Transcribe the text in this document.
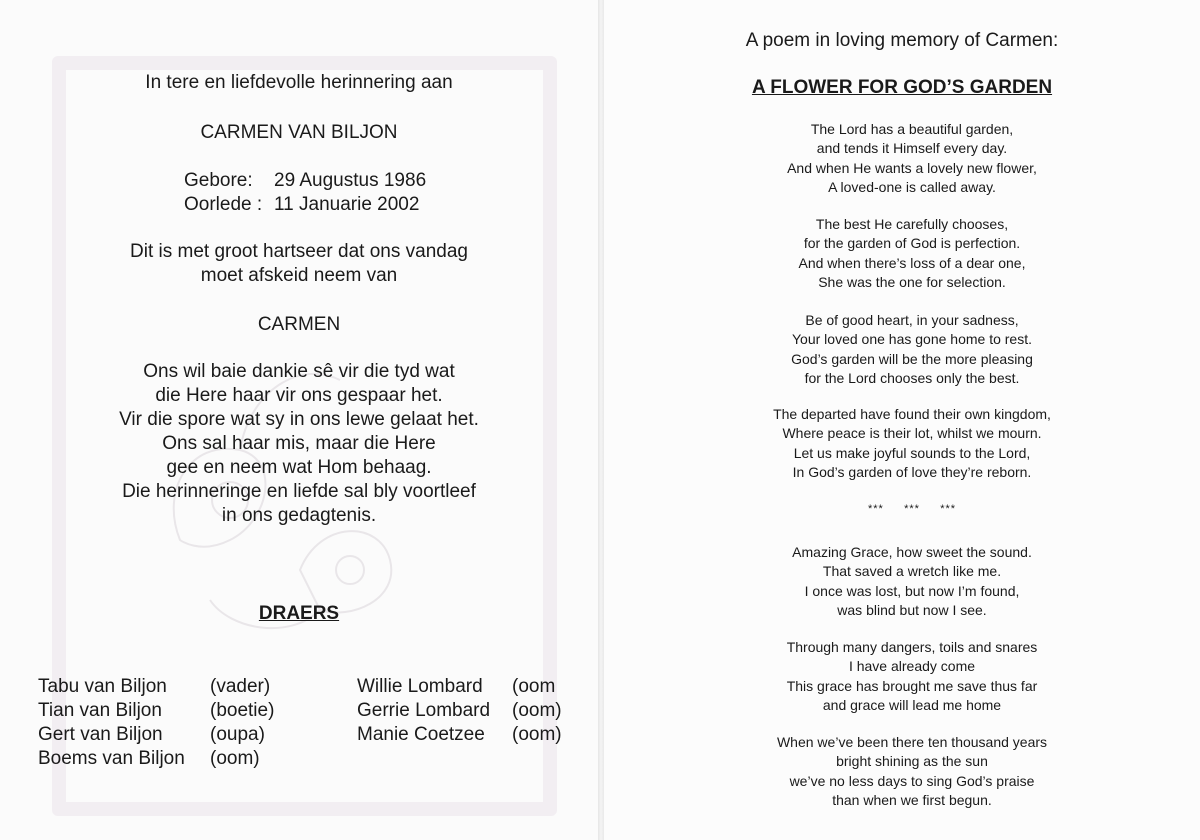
In tere en liefdevolle herinnering aan
CARMEN VAN BILJON
Gebore: 29 Augustus 1986
Oorlede : 11 Januarie 2002
Dit is met groot hartseer dat ons vandag
moet afskeid neem van
CARMEN
Ons wil baie dankie sê vir die tyd wat
die Here haar vir ons gespaar het.
Vir die spore wat sy in ons lewe gelaat het.
Ons sal haar mis, maar die Here
gee en neem wat Hom behaag.
Die herinneringe en liefde sal bly voortleef
in ons gedagtenis.
DRAERS
Tabu van Biljon (vader)
Tian van Biljon	(boetie)
Gert van Biljon (oupa)
Boems van Biljon (oom)
Willie Lombard (oom
Gerrie Lombard (oom)
Manie Coetzee (oom)
A poem in loving memory of Carmen:
A FLOWER FOR GOD’S GARDEN
The Lord has a beautiful garden,
and tends it Himself every day.
And when He wants a lovely new flower,
A loved-one is called away.
The best He carefully chooses,
for the garden of God is perfection.
And when there’s loss of a dear one,
She was the one for selection.
Be of good heart, in your sadness,
Your loved one has gone home to rest.
God’s garden will be the more pleasing
for the Lord chooses only the best.
The departed have found their own kingdom,
Where peace is their lot, whilst we mourn.
Let us make joyful sounds to the Lord,
In God’s garden of love they’re reborn.
***     ***     ***
Amazing Grace, how sweet the sound.
That saved a wretch like me.
I once was lost, but now I’m found,
was blind but now I see.
Through many dangers, toils and snares
I have already come
This grace has brought me save thus far
and grace will lead me home
When we’ve been there ten thousand years
bright shining as the sun
we’ve no less days to sing God’s praise
than when we first begun.
